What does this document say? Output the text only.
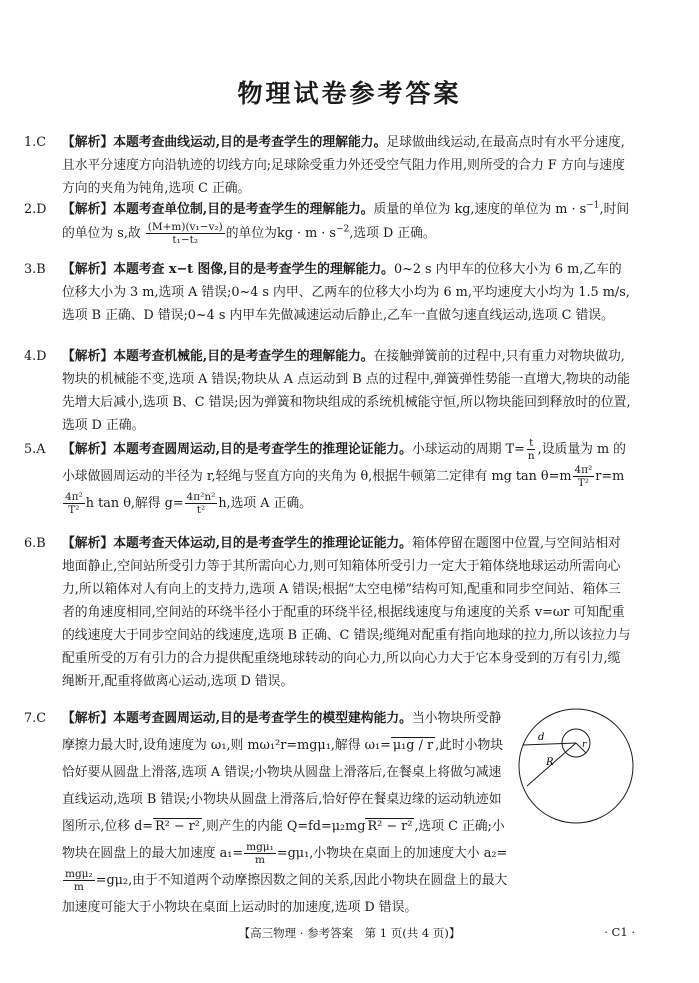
物理试卷参考答案
1.C	【解析】本题考查曲线运动,目的是考查学生的理解能力。足球做曲线运动,在最高点时有水平分速度,且水平分速度方向沿轨迹的切线方向;足球除受重力外还受空气阻力作用,则所受的合力 F 方向与速度方向的夹角为钝角,选项 C 正确。
2.D	【解析】本题考查单位制,目的是考查学生的理解能力。质量的单位为 kg,速度的单位为 $m \cdot s^{-1}$,时间的单位为 s,故 $\frac{\text{(M+m)(v₁−v₂)}}{\text{t₁−t₂}}$ 的单位为kg · $m \cdot s^{-2}$,选项 D 正确。
3.B	【解析】本题考查 x−t 图像,目的是考查学生的理解能力。0~2 s 内甲车的位移大小为 6 m,乙车的位移大小为 3 m,选项 A 错误;0~4 s 内甲、乙两车的位移大小均为 6 m,平均速度大小均为 1.5 m/s,选项 B 正确、D 错误;0~4 s 内甲车先做减速运动后静止,乙车一直做匀速直线运动,选项 C 错误。
4.D	【解析】本题考查机械能,目的是考查学生的理解能力。在接触弹簧前的过程中,只有重力对物块做功,物块的机械能不变,选项 A 错误;物块从 A 点运动到 B 点的过程中,弹簧弹性势能一直增大,物块的动能先增大后减小,选项 B、C 错误;因为弹簧和物块组成的系统机械能守恒,所以物块能回到释放时的位置,选项 D 正确。
5.A	【解析】本题考查圆周运动,目的是考查学生的推理论证能力。小球运动的周期 $T= \frac{t}{n}$ ,设质量为 m 的小球做圆周运动的半径为 r,轻绳与竖直方向的夹角为 θ,根据牛顿第二定律有 mg $\tan \theta=m \frac{\text{4π²}}{\text{T²}} r=m$
$\frac{\text{4π²}}{\text{T²}}$ h tan θ,解得 $g= \frac{\text{4π²n²}}{\text{t²}} h$,选项 A 正确。
6.B	【解析】本题考查天体运动,目的是考查学生的推理论证能力。箱体停留在题图中位置,与空间站相对地面静止,空间站所受引力等于其所需向心力,则可知箱体所受引力一定大于箱体绕地球运动所需向心力,所以箱体对人有向上的支持力,选项 A 错误;根据“太空电梯”结构可知,配重和同步空间站、箱体三者的角速度相同,空间站的环绕半径小于配重的环绕半径,根据线速度与角速度的关系 v=ωr 可知配重的线速度大于同步空间站的线速度,选项 B 正确、C 错误;缆绳对配重有指向地球的拉力,所以该拉力与配重所受的万有引力的合力提供配重绕地球转动的向心力,所以向心力大于它本身受到的万有引力,缆绳断开,配重将做离心运动,选项 D 错误。
7.C	【解析】本题考查圆周运动,目的是考查学生的模型建构能力。当小物块所受静摩擦力最大时,设角速度为 ω₁,则 mω₁²r=mgμ₁,解得 ω₁= μ₁g / r ,此时小物块恰好要从圆盘上滑落,选项 A 错误;小物块从圆盘上滑落后,在餐桌上将做匀减速直线运动,选项 B 错误;小物块从圆盘上滑落后,恰好停在餐桌边缘的运动轨迹如图所示,位移 d= R² − r² ,则产生的内能 Q=fd=μ₂mg R² − r² ,选项 C 正确;小物块在圆盘上的最大加速度 $a_1= \frac{\text{mgμ₁}}{m} =g\mu_1$,小物块在桌面上的加速度大小 a₂=
$\frac{\text{mgμ₂}}{m} =g\mu_2$,由于不知道两个动摩擦因数之间的关系,因此小物块在圆盘上的最大加速度可能大于小物块在桌面上运动时的加速度,选项 D 错误。
d
r
R
【高三物理 · 参考答案　第 1 页(共 4 页)】	· C1 ·
